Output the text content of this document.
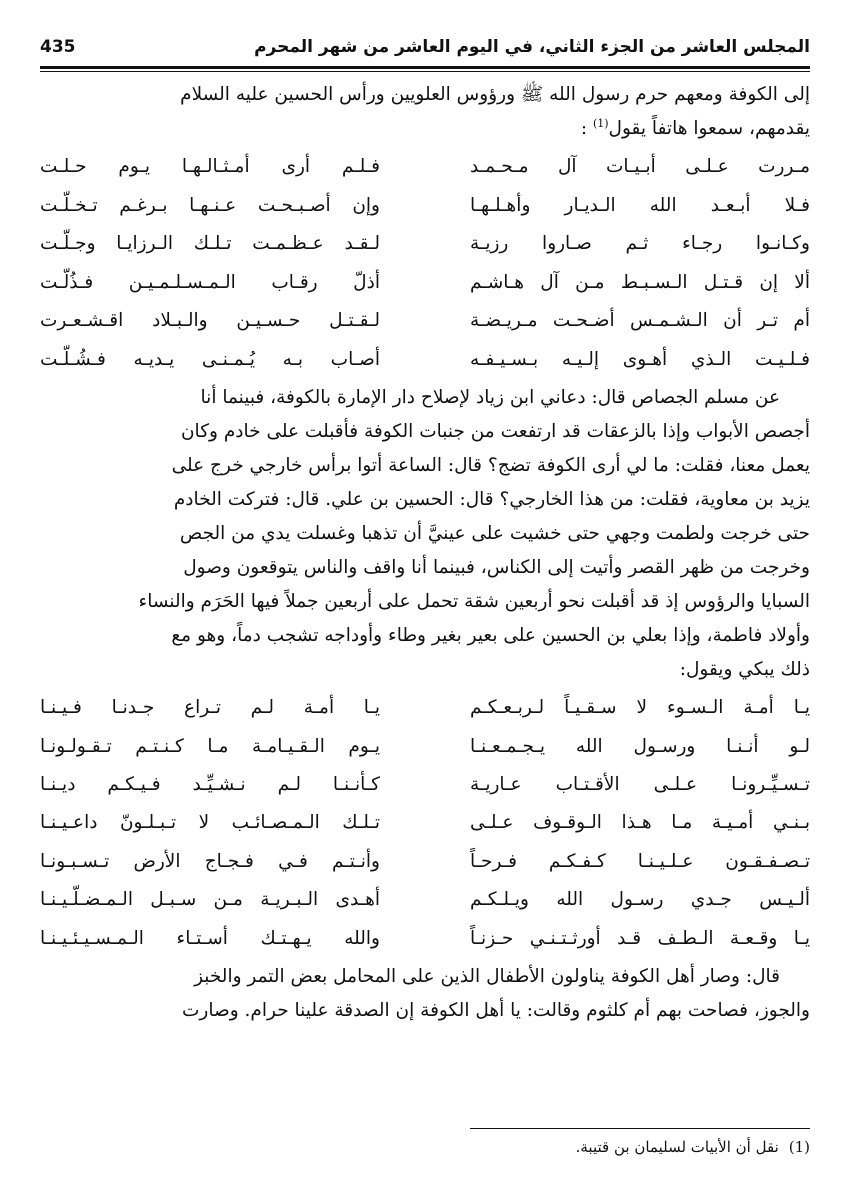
المجلس العاشر من الجزء الثاني، في اليوم العاشر من شهر المحرم
435

إلى الكوفة ومعهم حرم رسول الله ﷺ ورؤوس العلويين ورأس الحسين عليه السلام

يقدمهم، سمعوا هاتفاً يقول$^{(1)}$ :

مـررت عـلـى أبـيـات آل مـحـمـد
فـلـم أرى أمـثـالـهـا يـوم حـلـت
فـلا أبـعـد الله الـديـار وأهـلـهـا
وإن أصـبـحـت عـنـهـا بـرغـم تـخـلّـت
وكـانـوا رجـاء ثـم صـاروا رزيـة
لـقـد عـظـمـت تـلـك الـرزايـا وجـلّـت
ألا إن قـتـل الـسـبـط مـن آل هـاشـم
أذلّ رقـاب الـمـسـلـمـيـن فـذُلّـت
أم تـر أن الـشـمـس أضـحـت مـريـضـة
لـقـتـل حـسـيـن والـبـلاد اقـشـعـرت
فـلـيـت الـذي أهـوى إلـيـه بـسـيـفـه
أصـاب بـه يُـمـنـى يـديـه فـشُـلّـت

عن مسلم الجصاص قال: دعاني ابن زياد لإصلاح دار الإمارة بالكوفة، فبينما أنا

أجصص الأبواب وإذا بالزعقات قد ارتفعت من جنبات الكوفة فأقبلت على خادم وكان

يعمل معنا، فقلت: ما لي أرى الكوفة تضج؟ قال: الساعة أتوا برأس خارجي خرج على

يزيد بن معاوية، فقلت: من هذا الخارجي؟ قال: الحسين بن علي. قال: فتركت الخادم

حتى خرجت ولطمت وجهي حتى خشيت على عينيَّ أن تذهبا وغسلت يدي من الجص

وخرجت من ظهر القصر وأتيت إلى الكناس، فبينما أنا واقف والناس يتوقعون وصول

السبايا والرؤوس إذ قد أقبلت نحو أربعين شقة تحمل على أربعين جملاً فيها الحَرَم والنساء

وأولاد فاطمة، وإذا بعلي بن الحسين على بعير بغير وطاء وأوداجه تشجب دماً، وهو مع

ذلك يبكي ويقول:

يـا أمـة الـسـوء لا سـقـيـاً لـربـعـكـم
يـا أمـة لـم تـراع جـدنـا فـيـنـا
لـو أنـنـا ورسـول الله يـجـمـعـنـا
يـوم الـقـيـامـة مـا كـنـتـم تـقـولـونـا
تـسـيِّـرونـا عـلـى الأقـتـاب عـاريـة
كـأنـنـا لـم نـشـيِّـد فـيـكـم ديـنـا
بـنـي أمـيـة مـا هـذا الـوقـوف عـلـى
تـلـك الـمـصـائـب لا تـبـلـونّ داعـيـنـا
تـصـفـقـون عـلـيـنـا كـفـكـم فـرحـاً
وأنـتـم فـي فـجـاج الأرض تـسـبـونـا
ألـيـس جـدي رسـول الله ويـلـكـم
أهـدى الـبـريـة مـن سـبـل الـمـضـلّـيـنـا
يـا وقـعـة الـطـف قـد أورثـتـنـي حـزنـاً
والله يـهـتـك أسـتـاء الـمـسـيـئـيـنـا

قال: وصار أهل الكوفة يناولون الأطفال الذين على المحامل بعض التمر والخبز

والجوز، فصاحت بهم أم كلثوم وقالت: يا أهل الكوفة إن الصدقة علينا حرام. وصارت

(1)نقل أن الأبيات لسليمان بن قتيبة.
